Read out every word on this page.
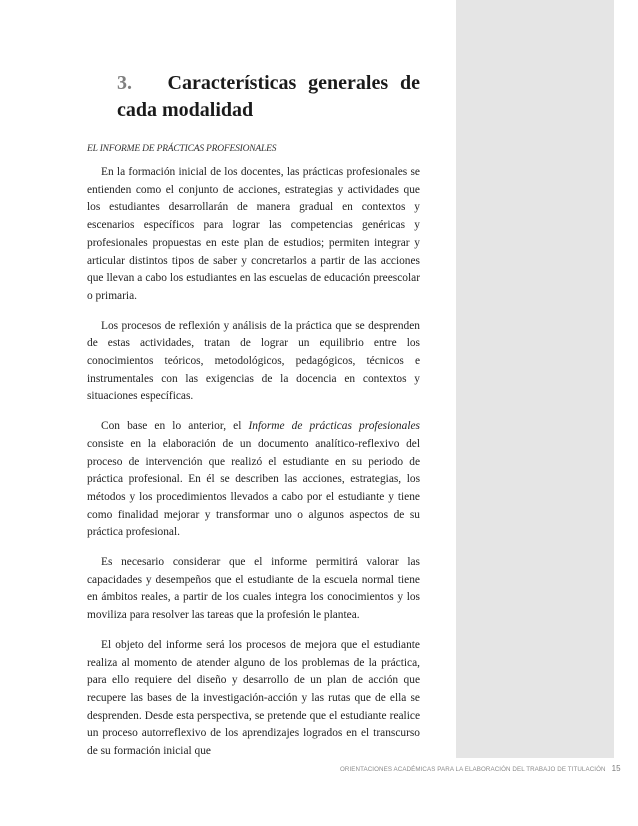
3. Características generales de
cada modalidad
EL INFORME DE PRÁCTICAS PROFESIONALES

En la formación inicial de los docentes, las prácticas profesionales se entienden como el conjunto de acciones, estrategias y actividades que los estudiantes desarrollarán de manera gradual en contextos y escenarios específicos para lograr las competencias genéricas y profesionales propuestas en este plan de estudios; permiten integrar y articular distintos tipos de saber y concretarlos a partir de las acciones que llevan a cabo los estudiantes en las escuelas de educación preescolar o primaria.

Los procesos de reflexión y análisis de la práctica que se desprenden de estas actividades, tratan de lograr un equilibrio entre los conocimientos teóricos, metodológicos, pedagógicos, técnicos e instrumentales con las exigencias de la docencia en contextos y situaciones específicas.

Con base en lo anterior, el Informe de prácticas profesionales consiste en la elaboración de un documento analítico-reflexivo del proceso de intervención que realizó el estudiante en su periodo de práctica profesional. En él se describen las acciones, estrategias, los métodos y los procedimientos llevados a cabo por el estudiante y tiene como finalidad mejorar y transformar uno o algunos aspectos de su práctica profesional.

Es necesario considerar que el informe permitirá valorar las capacidades y desempeños que el estudiante de la escuela normal tiene en ámbitos reales, a partir de los cuales integra los conocimientos y los moviliza para resolver las tareas que la profesión le plantea.

El objeto del informe será los procesos de mejora que el estudiante realiza al momento de atender alguno de los problemas de la práctica, para ello requiere del diseño y desarrollo de un plan de acción que recupere las bases de la investigación-acción y las rutas que de ella se desprenden. Desde esta perspectiva, se pretende que el estudiante realice un proceso autorreflexivo de los aprendizajes logrados en el transcurso de su formación inicial que

ORIENTACIONES ACADÉMICAS PARA LA ELABORACIÓN DEL TRABAJO DE TITULACIÓN 15
